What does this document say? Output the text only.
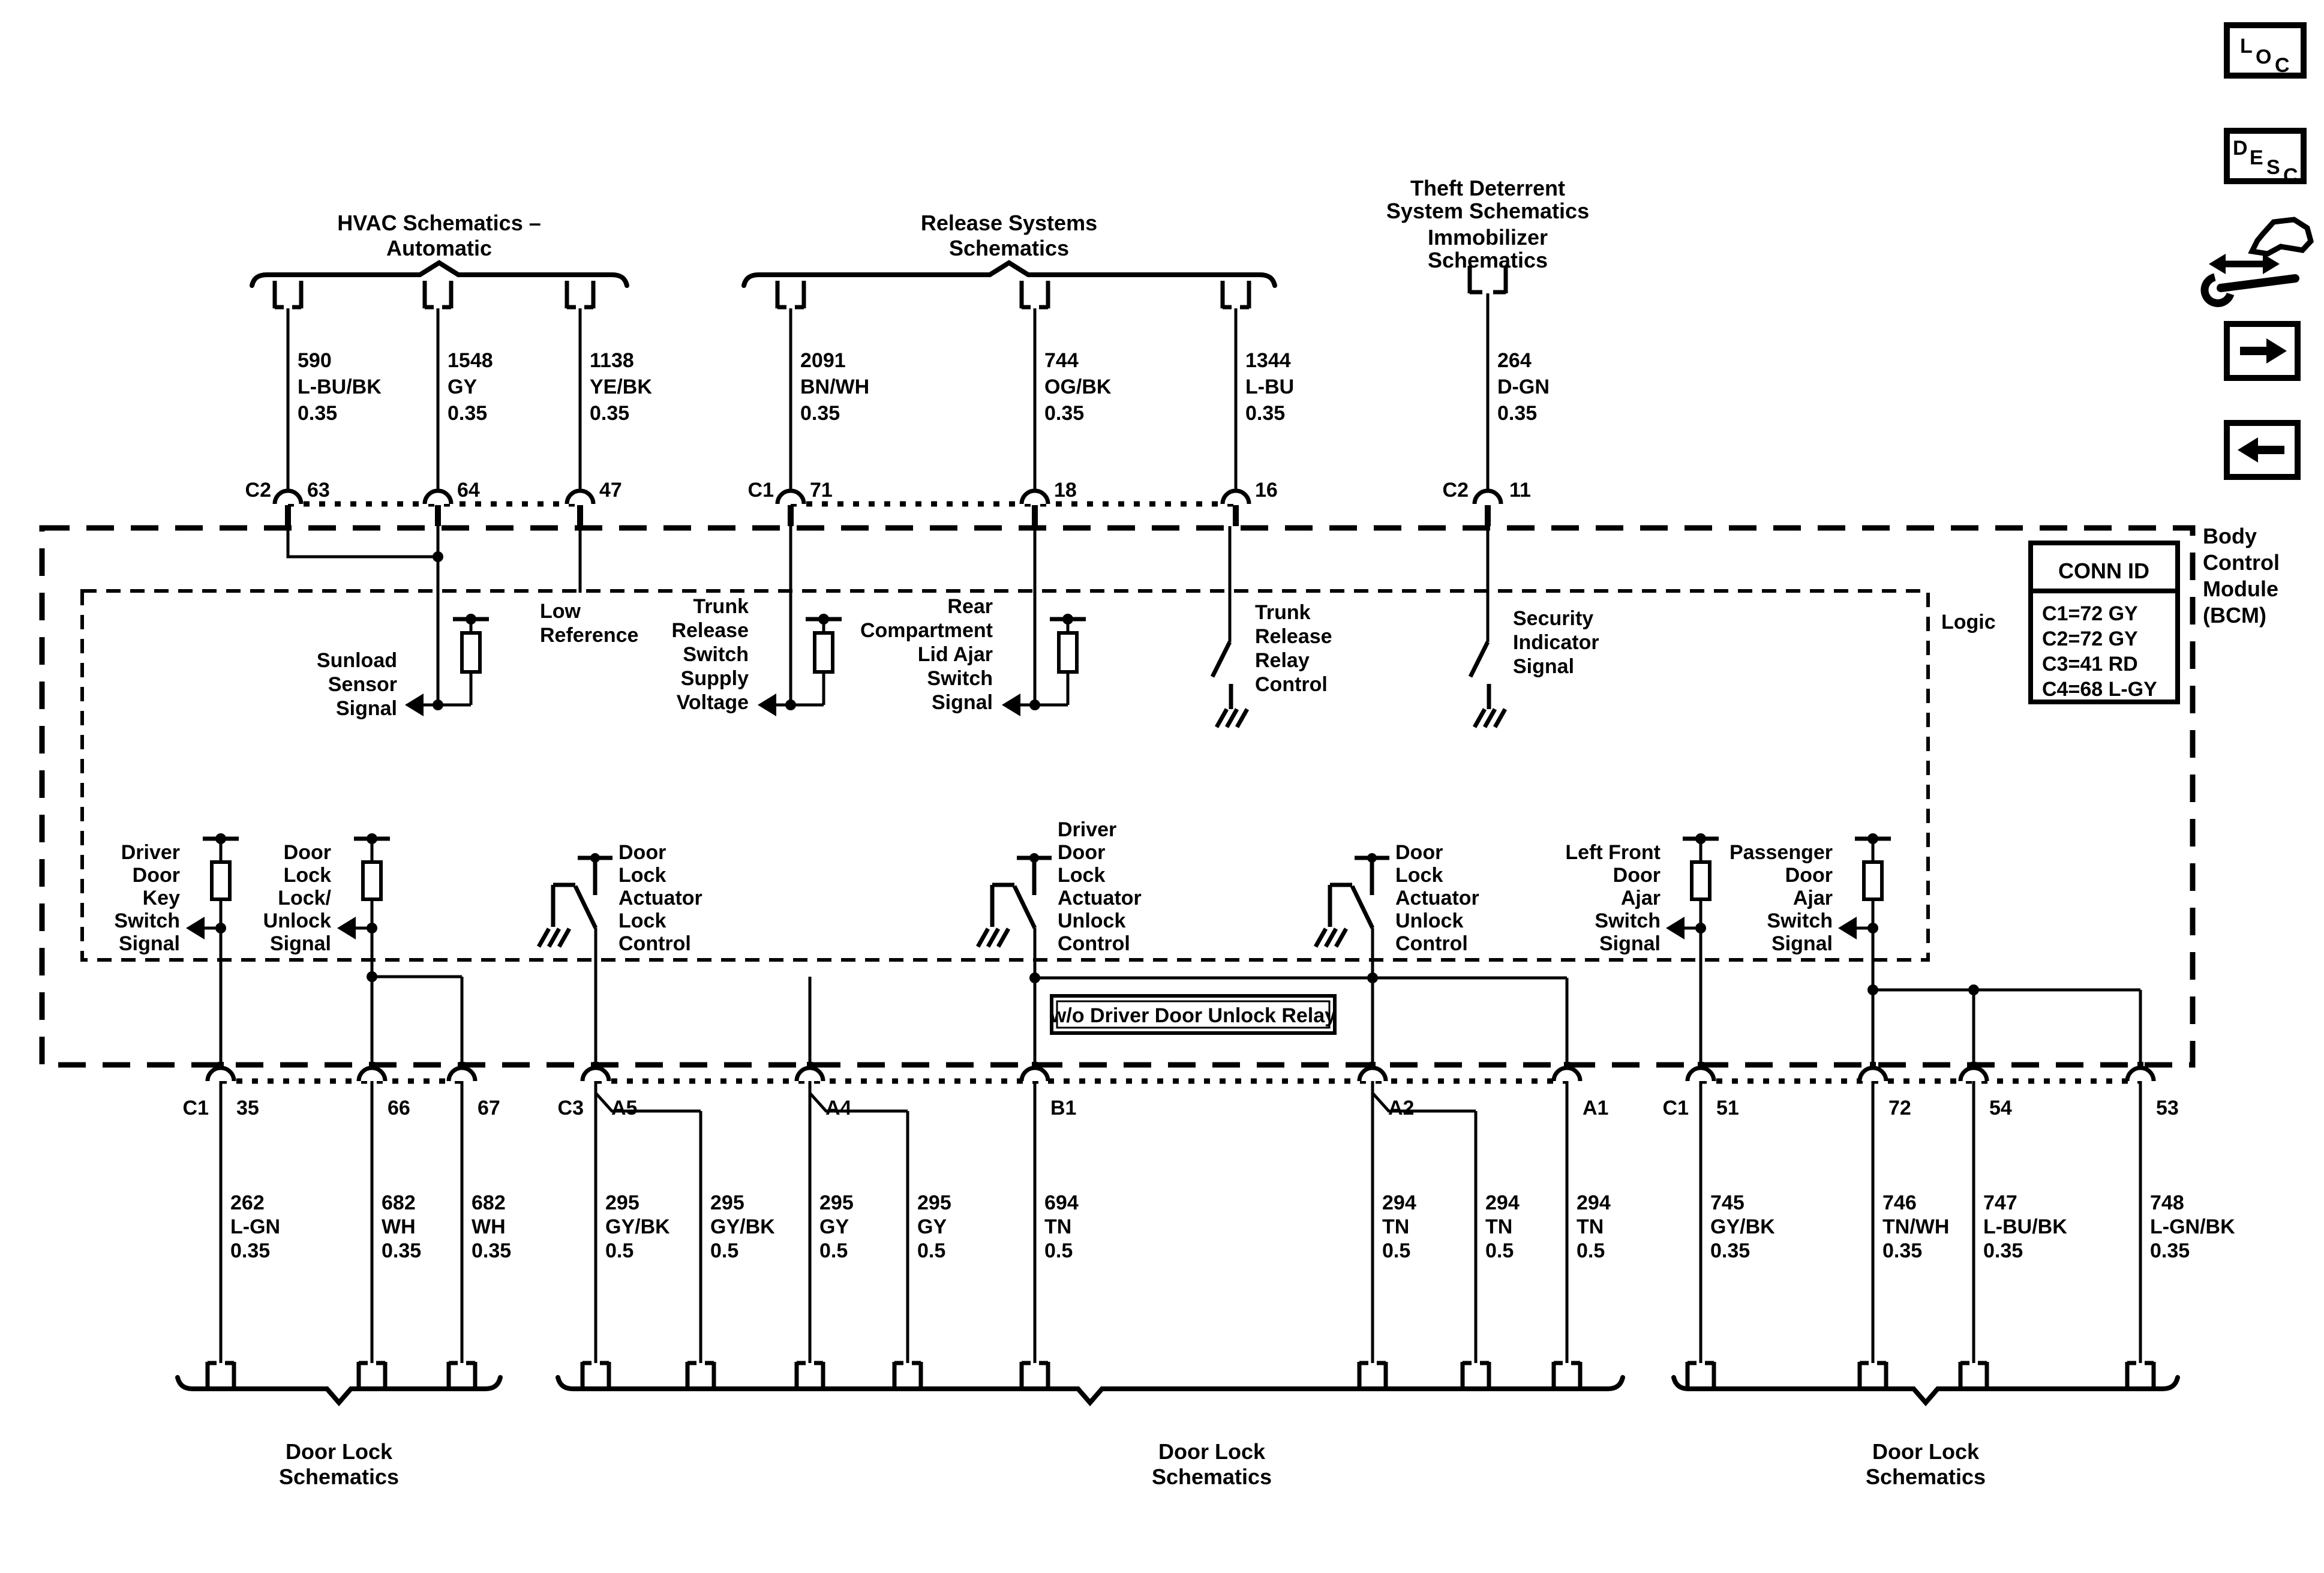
w/o Driver Door Unlock Relay
CONN ID
C1=72 GY
C2=72 GY
C3=41 RD
C4=68 L-GY
HVAC Schematics –
Automatic
Release Systems
Schematics
Theft Deterrent
System Schematics
Immobilizer
Schematics
590
L-BU/BK
0.35
1548
GY
0.35
1138
YE/BK
0.35
2091
BN/WH
0.35
744
OG/BK
0.35
1344
L-BU
0.35
264
D-GN
0.35
C2 63	64	47	C1 71	18	16	C2 11
Body
Control
Module
(BCM)
Logic
Sunload
Sensor
Signal
Low
Reference
Trunk
Release
Switch
Supply
Voltage
Rear
Compartment
Lid Ajar
Switch
Signal
Trunk
Release
Relay
Control
Security
Indicator
Signal
Driver
Door
Key
Switch
Signal
Door
Lock
Lock/
Unlock
Signal
Door
Lock
Actuator
Lock
Control
Driver
Door
Lock
Actuator
Unlock
Control
Door
Lock
Actuator
Unlock
Control
Left Front
Door
Ajar
Switch
Signal
Passenger
Door
Ajar
Switch
Signal
C1 35	66	67	C3 A5	A4	B1	A2	A1	C1 51	72	54	53
262
L-GN
0.35
682
WH
0.35
682
WH
0.35
295
GY/BK
0.5
295
GY/BK
0.5
295
GY
0.5
295
GY
0.5
694
TN
0.5
294
TN
0.5
294
TN
0.5
294
TN
0.5
745
GY/BK
0.35
746
TN/WH
0.35
747
L-BU/BK
0.35
748
L-GN/BK
0.35
Door Lock
Schematics
Door Lock
Schematics
Door Lock
Schematics
L O C
D E S C
